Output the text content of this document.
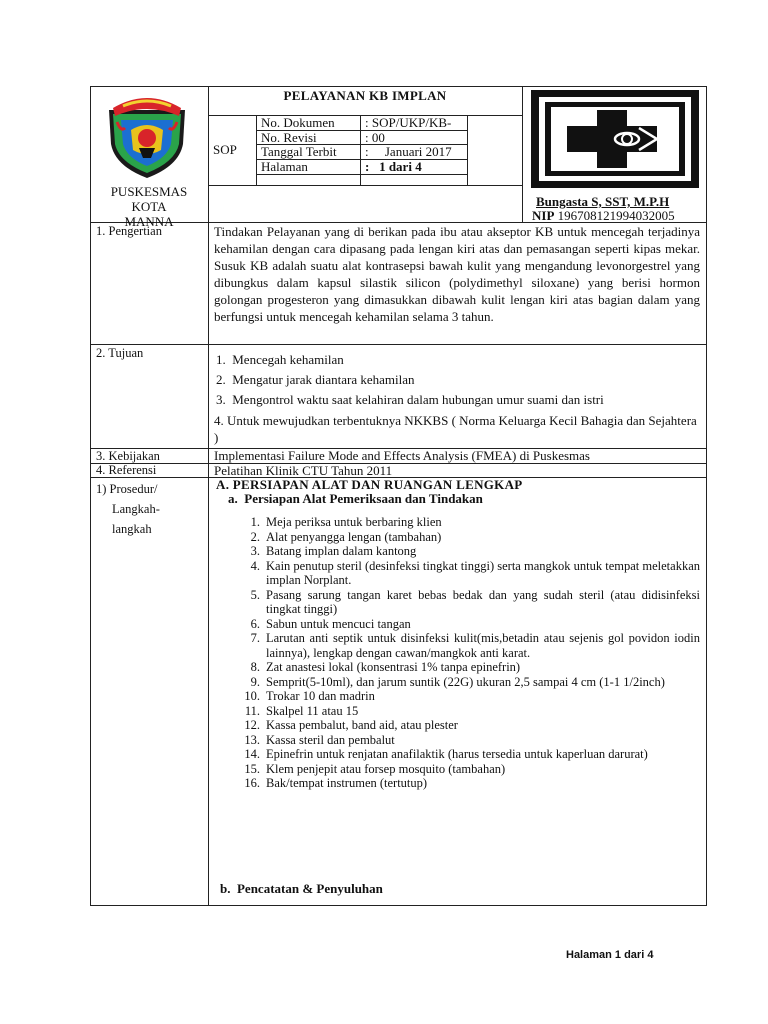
PELAYANAN KB IMPLAN
SOP
No. Dokumen : SOP/UKP/KB-
No. Revisi	: 00
Tanggal Terbit :     Januari 2017
Halaman	:   1 dari 4
PUSKESMAS
KOTA
MANNA
Bungasta S, SST, M.P.H
NIP 196708121994032005
1. Pengertian	Tindakan Pelayanan yang di berikan pada ibu atau akseptor KB untuk mencegah terjadinya kehamilan dengan cara dipasang pada lengan kiri atas dan pemasangan seperti kipas mekar. Susuk KB adalah suatu alat kontrasepsi bawah kulit yang mengandung levonorgestrel yang dibungkus dalam kapsul silastik silicon (polydimethyl siloxane) yang berisi hormon golongan progesteron yang dimasukkan dibawah kulit lengan kiri atas bagian dalam yang berfungsi untuk mencegah kehamilan selama 3 tahun.
2. Tujuan	1.  Mencegah kehamilan
2.  Mengatur jarak diantara kehamilan
3.  Mengontrol waktu saat kelahiran dalam hubungan umur suami dan istri
4. Untuk mewujudkan terbentuknya NKKBS ( Norma Keluarga Kecil Bahagia dan Sejahtera )
3. Kebijakan	Implementasi Failure Mode and Effects Analysis (FMEA) di Puskesmas
4. Referensi	Pelatihan Klinik CTU Tahun 2011
1) Prosedur/
Langkah-
langkah
A. PERSIAPAN ALAT DAN RUANGAN LENGKAP
a.  Persiapan Alat Pemeriksaan dan Tindakan
1. Meja periksa untuk berbaring klien
2. Alat penyangga lengan (tambahan)
3. Batang implan dalam kantong
4. Kain penutup steril (desinfeksi tingkat tinggi) serta mangkok untuk tempat meletakkan implan Norplant.
5. Pasang sarung tangan karet bebas bedak dan yang sudah steril (atau didisinfeksi tingkat tinggi)
6. Sabun untuk mencuci tangan
7. Larutan anti septik untuk disinfeksi kulit(mis,betadin atau sejenis gol povidon iodin lainnya), lengkap dengan cawan/mangkok anti karat.
8. Zat anastesi lokal (konsentrasi 1% tanpa epinefrin)
9. Semprit(5-10ml), dan jarum suntik (22G) ukuran 2,5 sampai 4 cm (1-1 1/2inch)
10. Trokar 10 dan madrin
11. Skalpel 11 atau 15
12. Kassa pembalut, band aid, atau plester
13. Kassa steril dan pembalut
14. Epinefrin untuk renjatan anafilaktik (harus tersedia untuk kaperluan darurat)
15. Klem penjepit atau forsep mosquito (tambahan)
16. Bak/tempat instrumen (tertutup)
b.  Pencatatan & Penyuluhan
Halaman 1 dari 4
